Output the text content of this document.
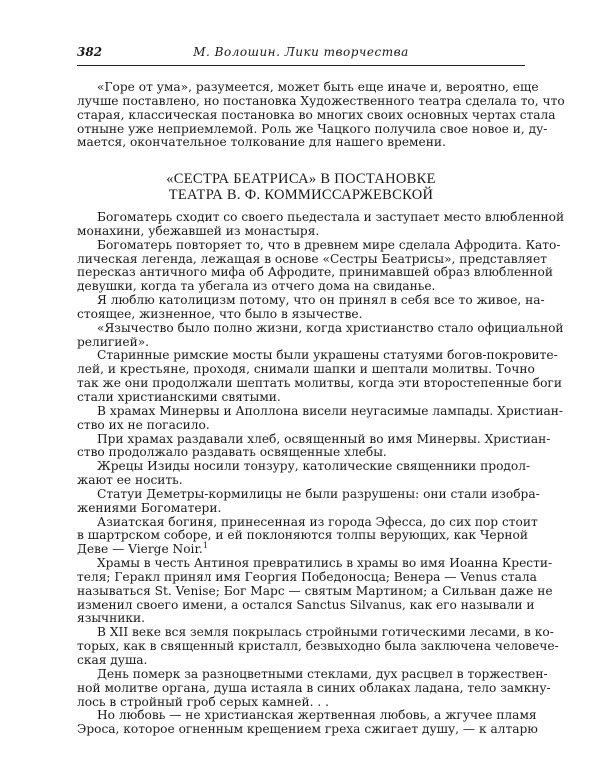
382	М. Волошин. Лики творчества
«Горе от ума», разумеется, может быть еще иначе и, вероятно, еще
лучше поставлено, но постановка Художественного театра сделала то, что
старая, классическая постановка во многих своих основных чертах стала
отныне уже неприемлемой. Роль же Чацкого получила свое новое и, ду-
мается, окончательное толкование для нашего времени.
«СЕСТРА БЕАТРИСА» В ПОСТАНОВКЕ
ТЕАТРА В. Ф. КОММИССАРЖЕВСКОЙ
Богоматерь сходит со своего пьедестала и заступает место влюбленной
монахини, убежавшей из монастыря.
Богоматерь повторяет то, что в древнем мире сделала Афродита. Като-
лическая легенда, лежащая в основе «Сестры Беатрисы», представляет
пересказ античного мифа об Афродите, принимавшей образ влюбленной
девушки, когда та убегала из отчего дома на свиданье.
Я люблю католицизм потому, что он принял в себя все то живое, на-
стоящее, жизненное, что было в язычестве.
«Язычество было полно жизни, когда христианство стало официальной
религией».
Старинные римские мосты были украшены статуями богов-покровите-
лей, и крестьяне, проходя, снимали шапки и шептали молитвы. Точно
так же они продолжали шептать молитвы, когда эти второстепенные боги
стали христианскими святыми.
В храмах Минервы и Аполлона висели неугасимые лампады. Христиан-
ство их не погасило.
При храмах раздавали хлеб, освященный во имя Минервы. Христиан-
ство продолжало раздавать освященные хлебы.
Жрецы Изиды носили тонзуру, католические священники продол-
жают ее носить.
Статуи Деметры-кормилицы не были разрушены: они стали изобра-
жениями Богоматери.
Азиатская богиня, принесенная из города Эфесса, до сих пор стоит
в шартрском соборе, и ей поклоняются толпы верующих, как Черной
Деве — Vierge Noir.$^1$
Храмы в честь Антиноя превратились в храмы во имя Иоанна Крести-
теля; Геракл принял имя Георгия Победоносца; Венера — Venus стала
называться St. Venise; Бог Марс — святым Мартином; а Сильван даже не
изменил своего имени, а остался Sanctus Silvanus, как его называли и
язычники.
В XII веке вся земля покрылась стройными готическими лесами, в ко-
торых, как в священный кристалл, безвыходно была заключена человече-
ская душа.
День померк за разноцветными стеклами, дух расцвел в торжествен-
ной молитве органа, душа истаяла в синих облаках ладана, тело замкну-
лось в стройный гроб серых камней. . .
Но любовь — не христианская жертвенная любовь, а жгучее пламя
Эроса, которое огненным крещением греха сжигает душу, — к алтарю
